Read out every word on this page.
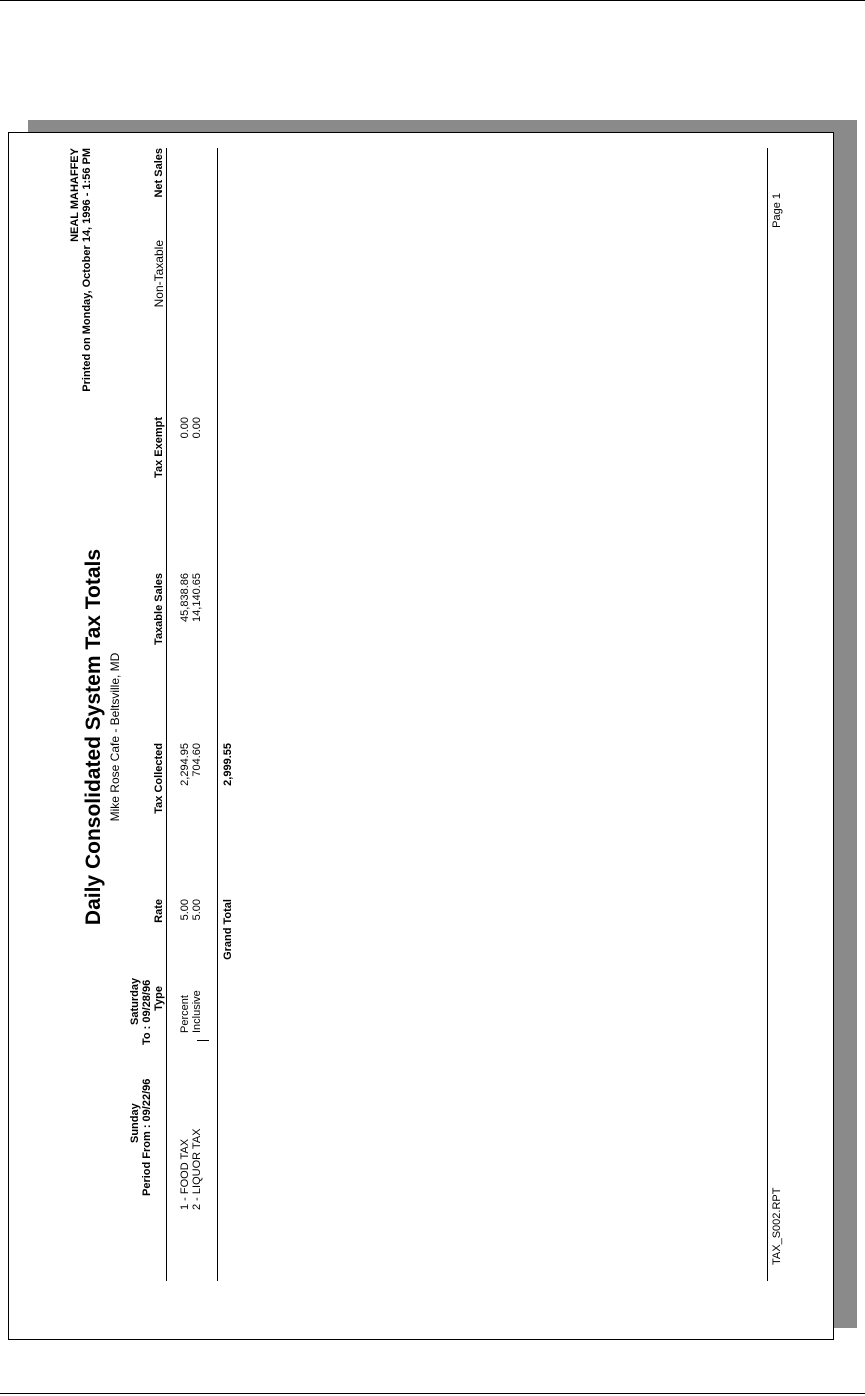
Daily Consolidated System Tax Totals Mike Rose Cafe - Beltsville, MD
NEAL MAHAFFEY Printed on Monday, October 14, 1996 - 1:56 PM
Sunday
Saturday
Period From : 09/22/96
To : 09/28/96 Type
Rate
Tax Collected
Taxable Sales
Tax Exempt
Non-Taxable
Net Sales
1 - FOOD TAX
Percent
5.00
2,294.95
45,838.86
0.00
2 - LIQUOR TAX
Inclusive
5.00
704.60
14,140.65
0.00
Grand Total
2,999.55
TAX_S002.RPT
Page 1
